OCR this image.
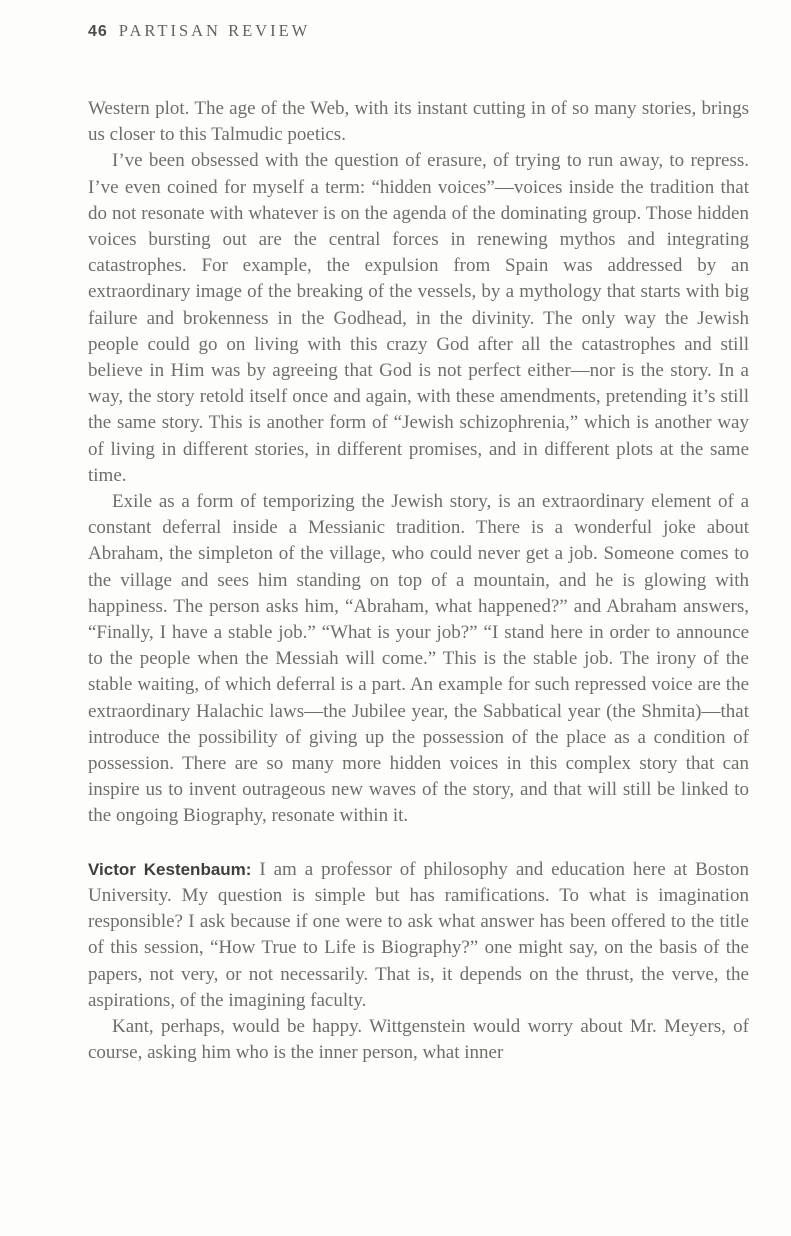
46 PARTISAN REVIEW

Western plot. The age of the Web, with its instant cutting in of so many stories, brings us closer to this Talmudic poetics.

I’ve been obsessed with the question of erasure, of trying to run away, to repress. I’ve even coined for myself a term: “hidden voices”—voices inside the tradition that do not resonate with whatever is on the agenda of the dominating group. Those hidden voices bursting out are the central forces in renewing mythos and integrating catastrophes. For example, the expulsion from Spain was addressed by an extraordinary image of the breaking of the vessels, by a mythology that starts with big failure and brokenness in the Godhead, in the divinity. The only way the Jewish people could go on living with this crazy God after all the catastrophes and still believe in Him was by agreeing that God is not perfect either—nor is the story. In a way, the story retold itself once and again, with these amendments, pretending it’s still the same story. This is another form of “Jewish schizophrenia,” which is another way of living in different stories, in different promises, and in different plots at the same time.

Exile as a form of temporizing the Jewish story, is an extraordinary element of a constant deferral inside a Messianic tradition. There is a wonderful joke about Abraham, the simpleton of the village, who could never get a job. Someone comes to the village and sees him standing on top of a mountain, and he is glowing with happiness. The person asks him, “Abraham, what happened?” and Abraham answers, “Finally, I have a stable job.” “What is your job?” “I stand here in order to announce to the people when the Messiah will come.” This is the stable job. The irony of the stable waiting, of which deferral is a part. An example for such repressed voice are the extraordinary Halachic laws—the Jubilee year, the Sabbatical year (the Shmita)—that introduce the possibility of giving up the possession of the place as a condition of possession. There are so many more hidden voices in this complex story that can inspire us to invent outrageous new waves of the story, and that will still be linked to the ongoing Biography, resonate within it.

Victor Kestenbaum: I am a professor of philosophy and education here at Boston University. My question is simple but has ramifications. To what is imagination responsible? I ask because if one were to ask what answer has been offered to the title of this session, “How True to Life is Biography?” one might say, on the basis of the papers, not very, or not necessarily. That is, it depends on the thrust, the verve, the aspirations, of the imagining faculty.

Kant, perhaps, would be happy. Wittgenstein would worry about Mr. Meyers, of course, asking him who is the inner person, what inner
